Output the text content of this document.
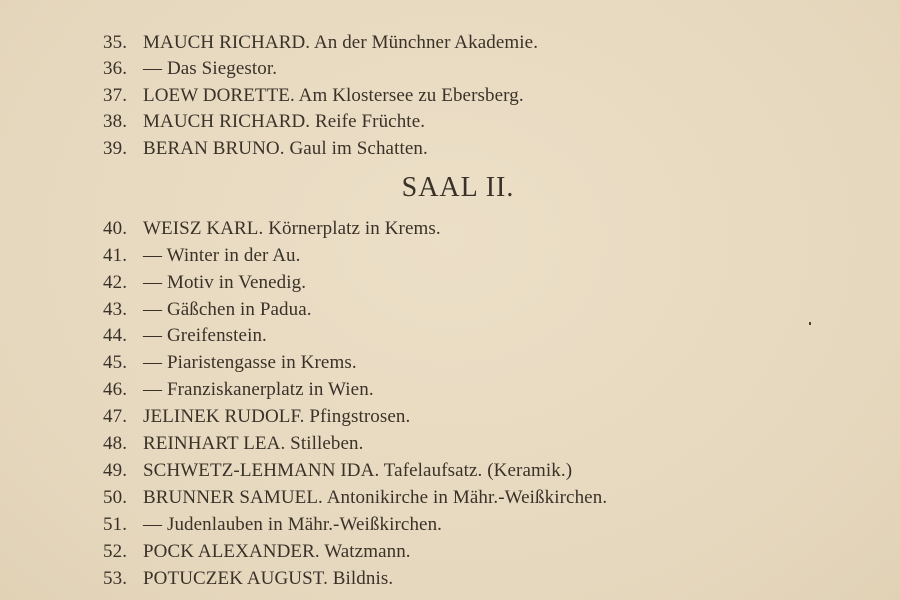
35. MAUCH RICHARD. An der Münchner Akademie.
36. — Das Siegestor.
37. LOEW DORETTE. Am Klostersee zu Ebersberg.
38. MAUCH RICHARD. Reife Früchte.
39. BERAN BRUNO. Gaul im Schatten.
SAAL II.
40. WEISZ KARL. Körnerplatz in Krems.
41. — Winter in der Au.
42. — Motiv in Venedig.
43. — Gäßchen in Padua.
44. — Greifenstein.
45. — Piaristengasse in Krems.
46. — Franziskanerplatz in Wien.
47. JELINEK RUDOLF. Pfingstrosen.
48. REINHART LEA. Stilleben.
49. SCHWETZ-LEHMANN IDA. Tafelaufsatz. (Keramik.)
50. BRUNNER SAMUEL. Antonikirche in Mähr.-Weißkirchen.
51. — Judenlauben in Mähr.-Weißkirchen.
52. POCK ALEXANDER. Watzmann.
53. POTUCZEK AUGUST. Bildnis.
